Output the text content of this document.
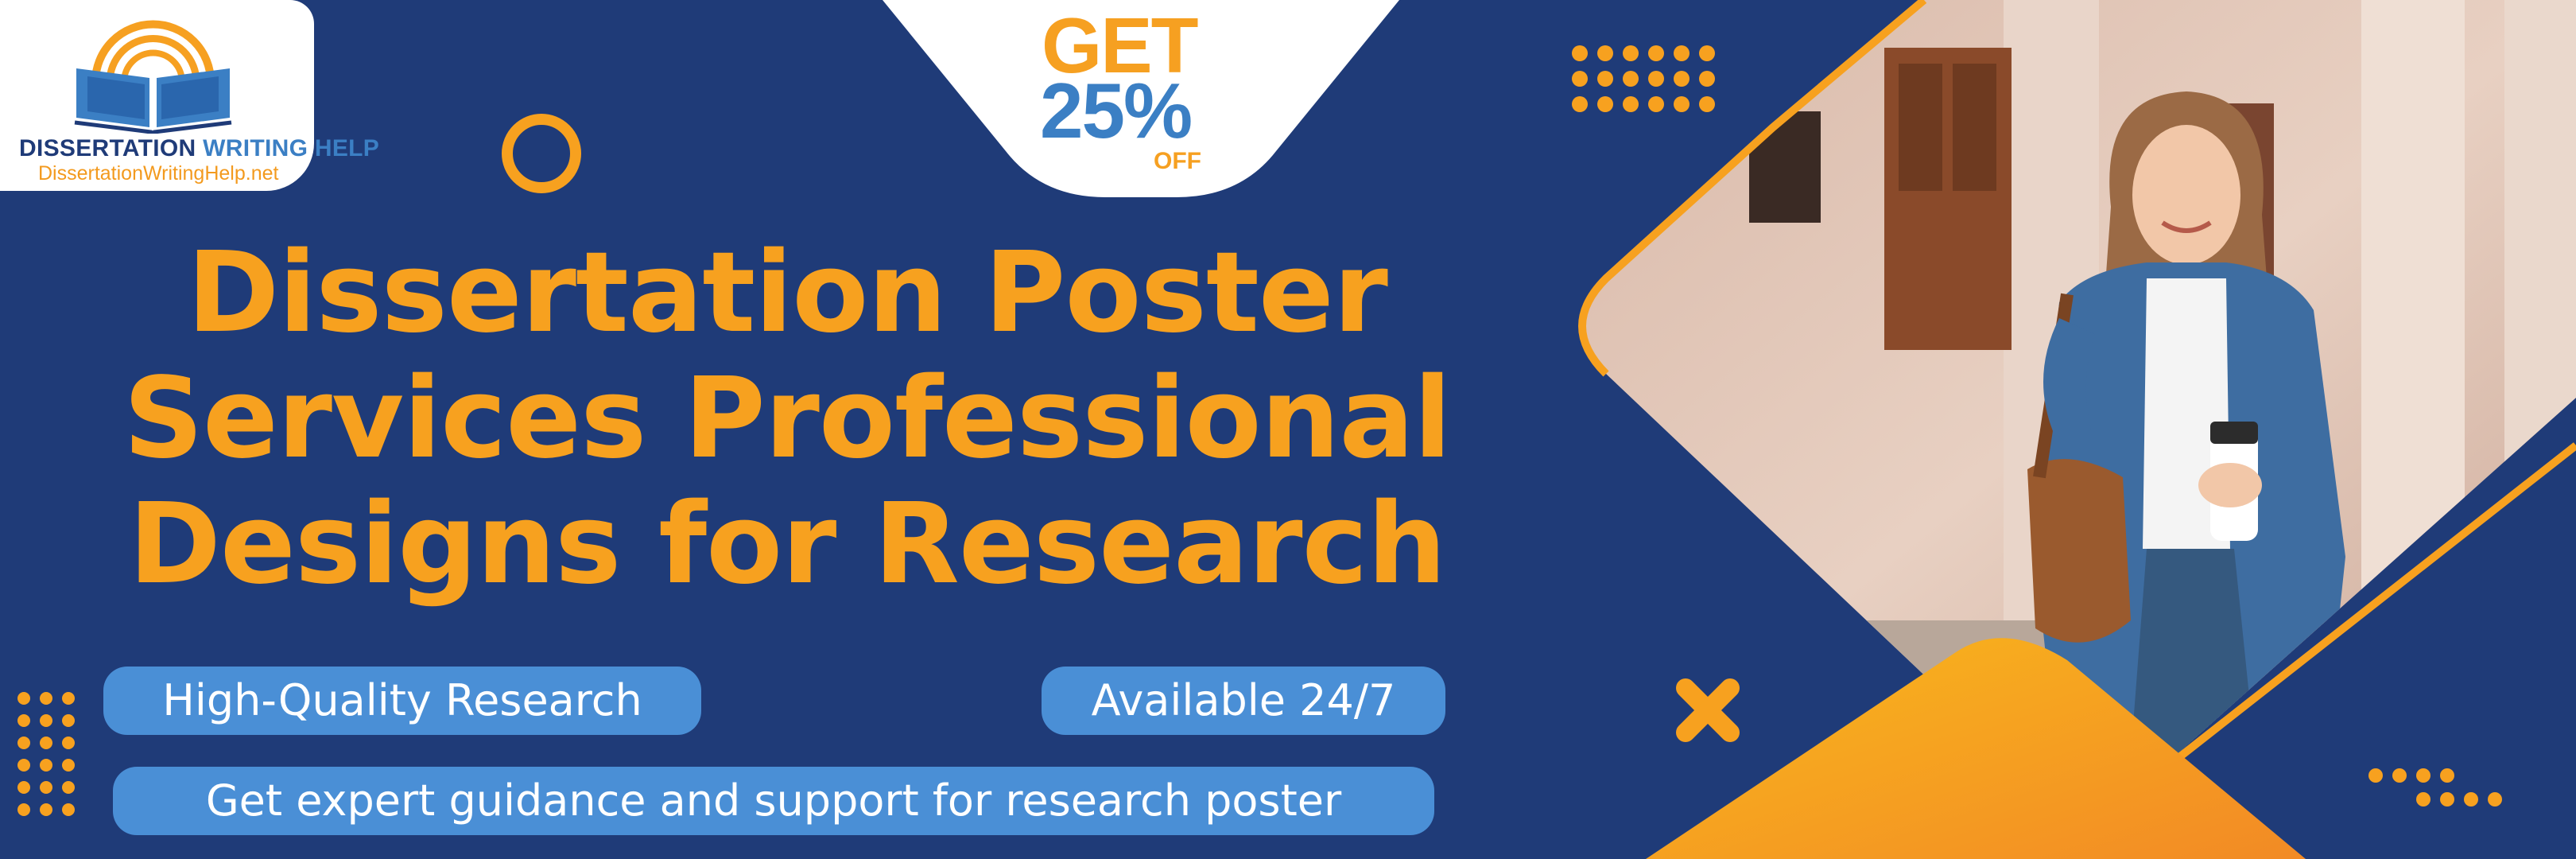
DISSERTATION WRITING HELP
DissertationWritingHelp.net
GET
25%
OFF
Dissertation Poster
Services Professional
Designs for Research
High-Quality Research	Available 24/7
Get expert guidance and support for research poster
